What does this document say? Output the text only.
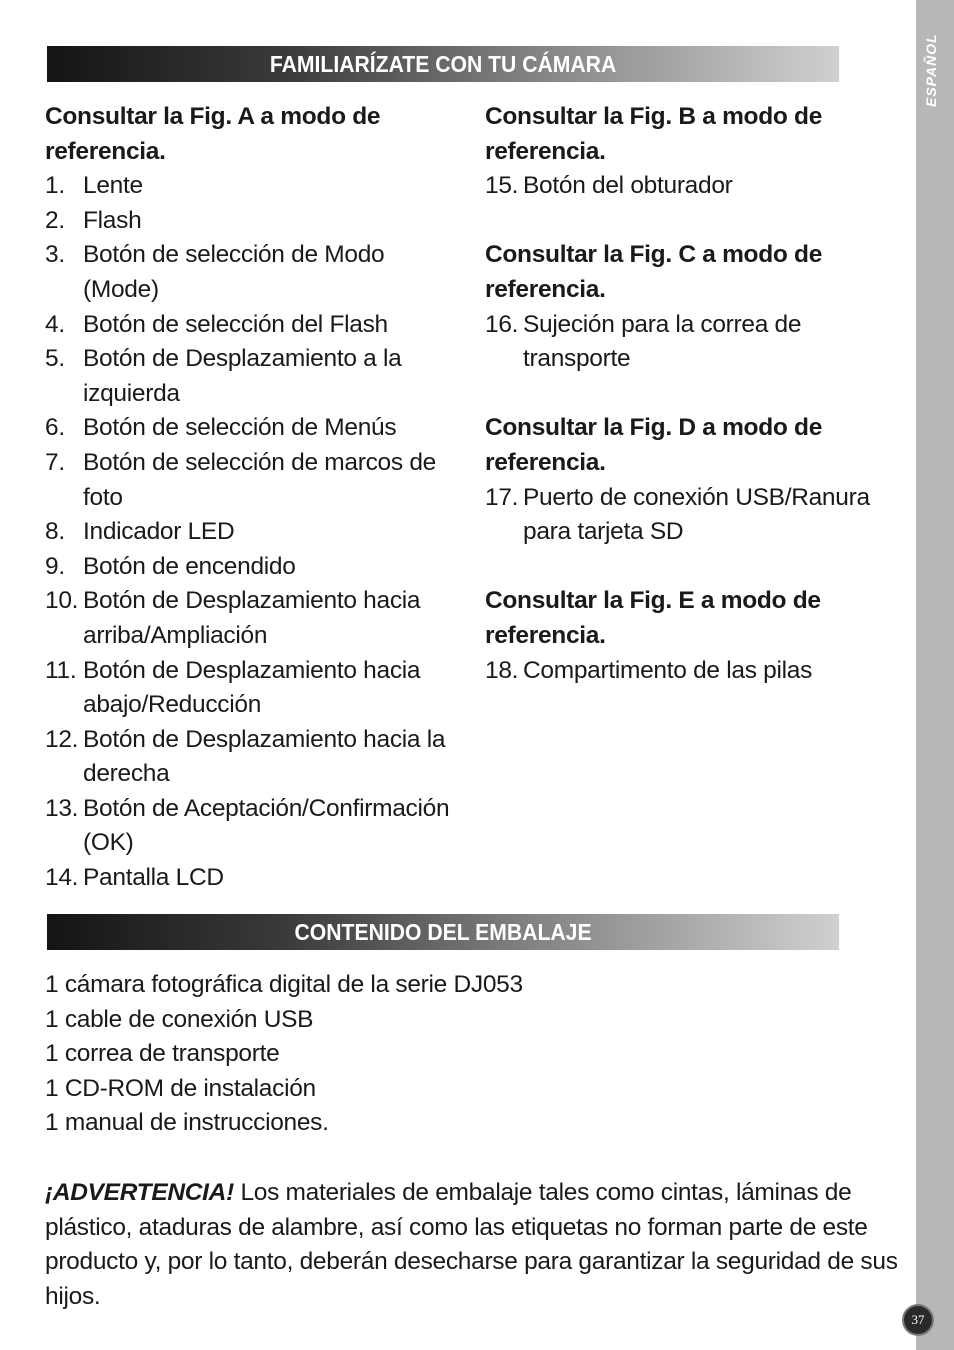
ESPAÑOL
FAMILIARÍZATE CON TU CÁMARA
Consultar la Fig. A a modo de
referencia.
1. Lente
2. Flash
3. Botón de selección de Modo (Mode)
4. Botón de selección del Flash
5. Botón de Desplazamiento a la
izquierda
6. Botón de selección de Menús
7. Botón de selección de marcos de
foto
8. Indicador LED
9. Botón de encendido
10. Botón de Desplazamiento hacia
arriba/Ampliación
11. Botón de Desplazamiento hacia
abajo/Reducción
12. Botón de Desplazamiento hacia la
derecha
13. Botón de Aceptación/Confirmación
(OK)
14. Pantalla LCD
Consultar la Fig. B a modo de
referencia.
15. Botón del obturador
Consultar la Fig. C a modo de
referencia.
16. Sujeción para la correa de transporte
Consultar la Fig. D a modo de
referencia.
17. Puerto de conexión USB/Ranura
para tarjeta SD
Consultar la Fig. E a modo de
referencia.
18. Compartimento de las pilas
CONTENIDO DEL EMBALAJE
1 cámara fotográfica digital de la serie DJ053
1 cable de conexión USB
1 correa de transporte
1 CD-ROM de instalación
1 manual de instrucciones.
¡ADVERTENCIA! Los materiales de embalaje tales como cintas, láminas de
plástico, ataduras de alambre, así como las etiquetas no forman parte de este
producto y, por lo tanto, deberán desecharse para garantizar la seguridad de sus
hijos.
37
